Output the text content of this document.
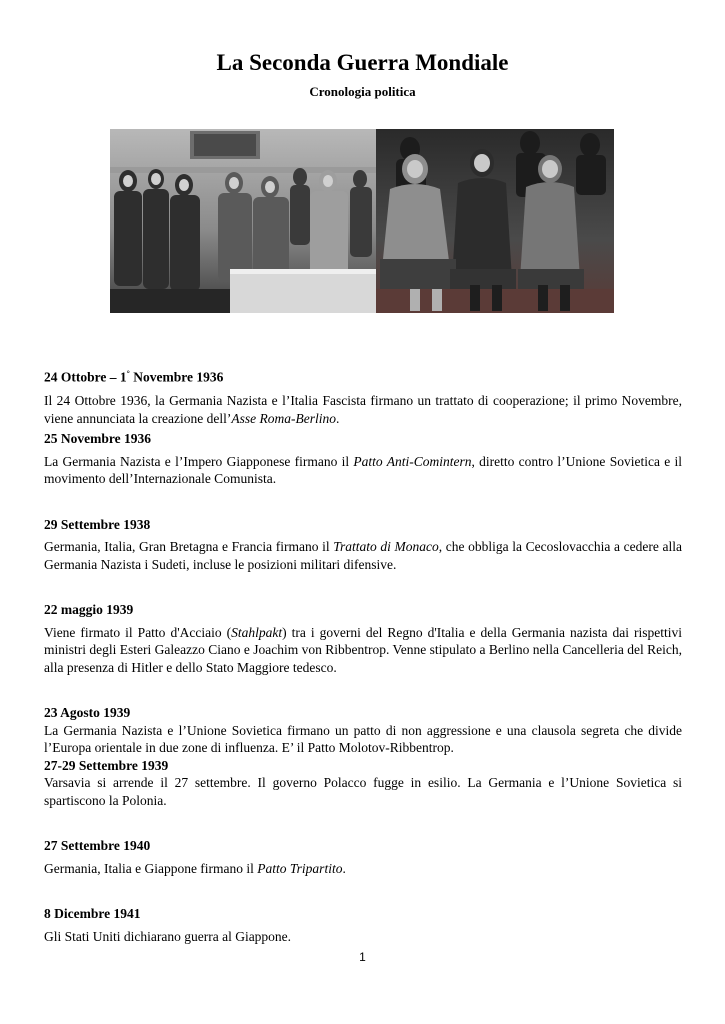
La Seconda Guerra Mondiale
Cronologia politica
24 Ottobre – 1° Novembre 1936

Il 24 Ottobre 1936, la Germania Nazista e l’Italia Fascista firmano un trattato di cooperazione; il primo Novembre, viene annunciata la creazione dell’Asse Roma-Berlino.

25 Novembre 1936

La Germania Nazista e l’Impero Giapponese firmano il Patto Anti-Comintern, diretto contro l’Unione Sovietica e il movimento dell’Internazionale Comunista.

29 Settembre 1938

Germania, Italia, Gran Bretagna e Francia firmano il Trattato di Monaco, che obbliga la Cecoslovacchia a cedere alla Germania Nazista i Sudeti, incluse le posizioni militari difensive.

22 maggio 1939

Viene firmato il Patto d'Acciaio (Stahlpakt) tra i governi del Regno d'Italia e della Germania nazista dai rispettivi ministri degli Esteri Galeazzo Ciano e Joachim von Ribbentrop. Venne stipulato a Berlino nella Cancelleria del Reich, alla presenza di Hitler e dello Stato Maggiore tedesco.

23 Agosto 1939

La Germania Nazista e l’Unione Sovietica firmano un patto di non aggressione e una clausola segreta che divide l’Europa orientale in due zone di influenza. E’ il Patto Molotov-Ribbentrop.

27-29 Settembre 1939

Varsavia si arrende il 27 settembre. Il governo Polacco fugge in esilio. La Germania e l’Unione Sovietica si spartiscono la Polonia.

27 Settembre 1940

Germania, Italia e Giappone firmano il Patto Tripartito.

8 Dicembre 1941

Gli Stati Uniti dichiarano guerra al Giappone.

1
